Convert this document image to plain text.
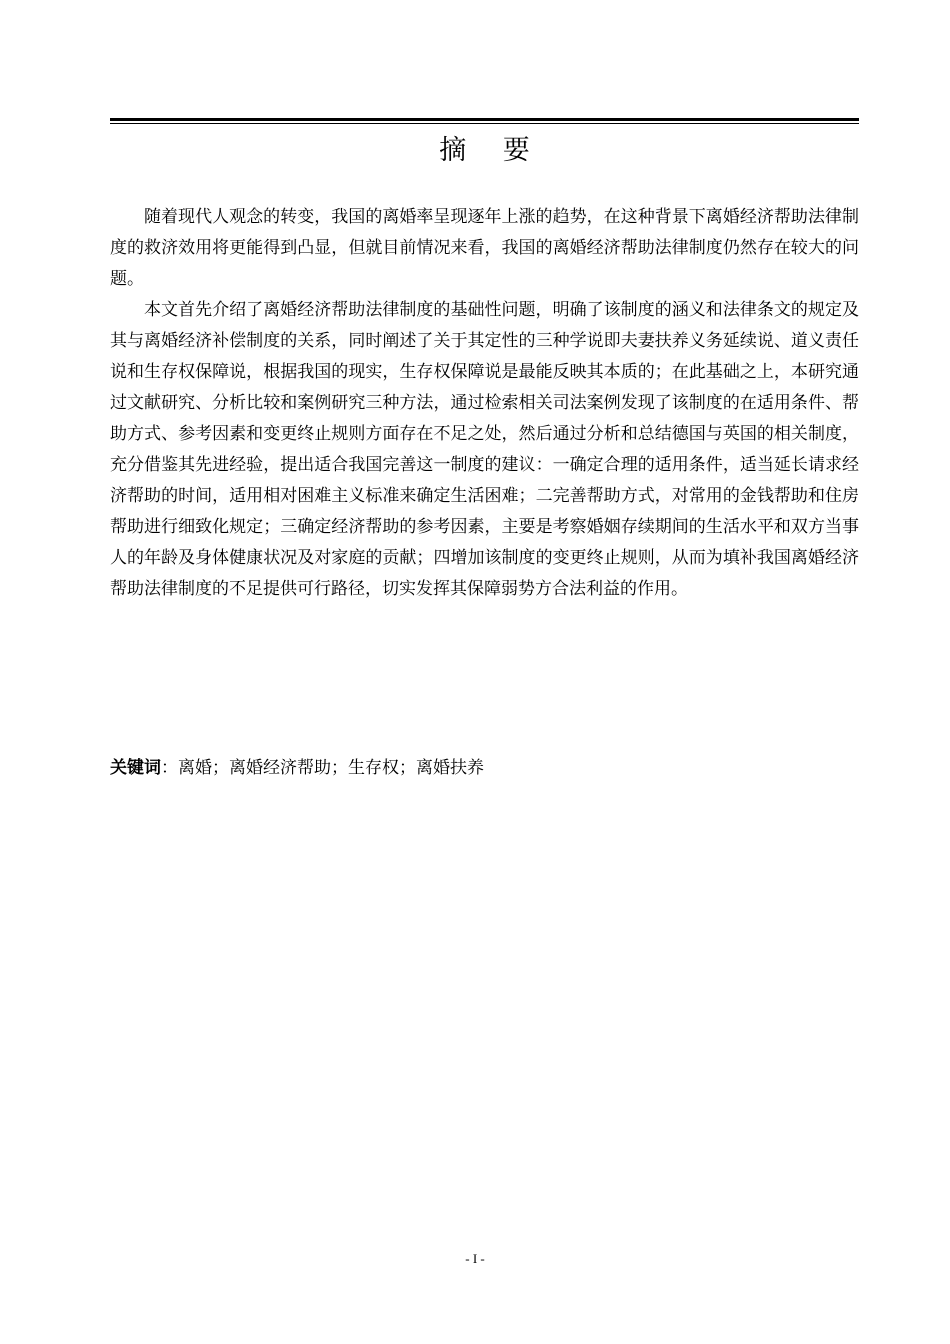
摘 要

随着现代人观念的转变，我国的离婚率呈现逐年上涨的趋势，在这种背景下离婚经济帮助法律制度的救济效用将更能得到凸显，但就目前情况来看，我国的离婚经济帮助法律制度仍然存在较大的问题。

本文首先介绍了离婚经济帮助法律制度的基础性问题，明确了该制度的涵义和法律条文的规定及其与离婚经济补偿制度的关系，同时阐述了关于其定性的三种学说即夫妻扶养义务延续说、道义责任说和生存权保障说，根据我国的现实，生存权保障说是最能反映其本质的；在此基础之上，本研究通过文献研究、分析比较和案例研究三种方法，通过检索相关司法案例发现了该制度的在适用条件、帮助方式、参考因素和变更终止规则方面存在不足之处，然后通过分析和总结德国与英国的相关制度，充分借鉴其先进经验，提出适合我国完善这一制度的建议：一确定合理的适用条件，适当延长请求经济帮助的时间，适用相对困难主义标准来确定生活困难；二完善帮助方式，对常用的金钱帮助和住房帮助进行细致化规定；三确定经济帮助的参考因素，主要是考察婚姻存续期间的生活水平和双方当事人的年龄及身体健康状况及对家庭的贡献；四增加该制度的变更终止规则，从而为填补我国离婚经济帮助法律制度的不足提供可行路径，切实发挥其保障弱势方合法利益的作用。

关键词：离婚；离婚经济帮助；生存权；离婚扶养
- I -
